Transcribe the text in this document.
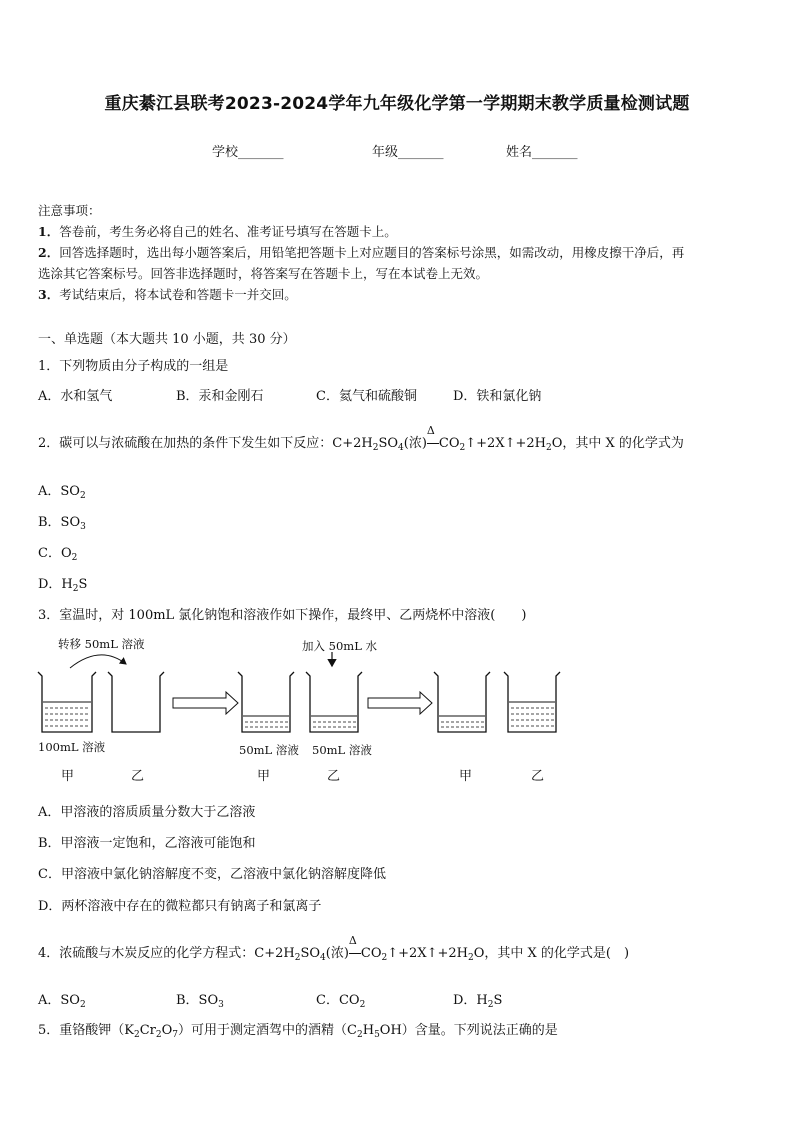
重庆綦江县联考2023-2024学年九年级化学第一学期期末教学质量检测试题
学校_______	年级_______	姓名_______
注意事项：
1．答卷前，考生务必将自己的姓名、准考证号填写在答题卡上。
2．回答选择题时，选出每小题答案后，用铅笔把答题卡上对应题目的答案标号涂黑，如需改动，用橡皮擦干净后，再
选涂其它答案标号。回答非选择题时，将答案写在答题卡上，写在本试卷上无效。
3．考试结束后，将本试卷和答题卡一并交回。
一、单选题（本大题共 10 小题，共 30 分）
1．下列物质由分子构成的一组是
A．水和氢气	B．汞和金刚石	C．氦气和硫酸铜	D．铁和氯化钠
2．碳可以与浓硫酸在加热的条件下发生如下反应：$C+2H_2SO_4$(浓)
Δ
$CO_2↑+2X↑+2H_2O$，其中 X 的化学式为
A．$SO_2$
B．$SO_3$
C．$O_2$
D．$H_2S$
3．室温时，对 100mL 氯化钠饱和溶液作如下操作，最终甲、乙两烧杯中溶液(　　)
转移 50mL 溶液	加入 50mL 水
100mL 溶液	50mL 溶液 50mL 溶液
甲	乙	甲	乙	甲	乙
A．甲溶液的溶质质量分数大于乙溶液
B．甲溶液一定饱和，乙溶液可能饱和
C．甲溶液中氯化钠溶解度不变，乙溶液中氯化钠溶解度降低
D．两杯溶液中存在的微粒都只有钠离子和氯离子
4．浓硫酸与木炭反应的化学方程式：$C+2H_2SO_4$(浓)
Δ
$CO_2↑+2X↑+2H_2O$，其中 X 的化学式是(　)
A．$SO_2$	B．$SO_3$	C．$CO_2$	D．$H_2S$
5．重铬酸钾$(K_2Cr_2O_7)$可用于测定酒驾中的酒精$(C_2H_5OH)$含量。下列说法正确的是
